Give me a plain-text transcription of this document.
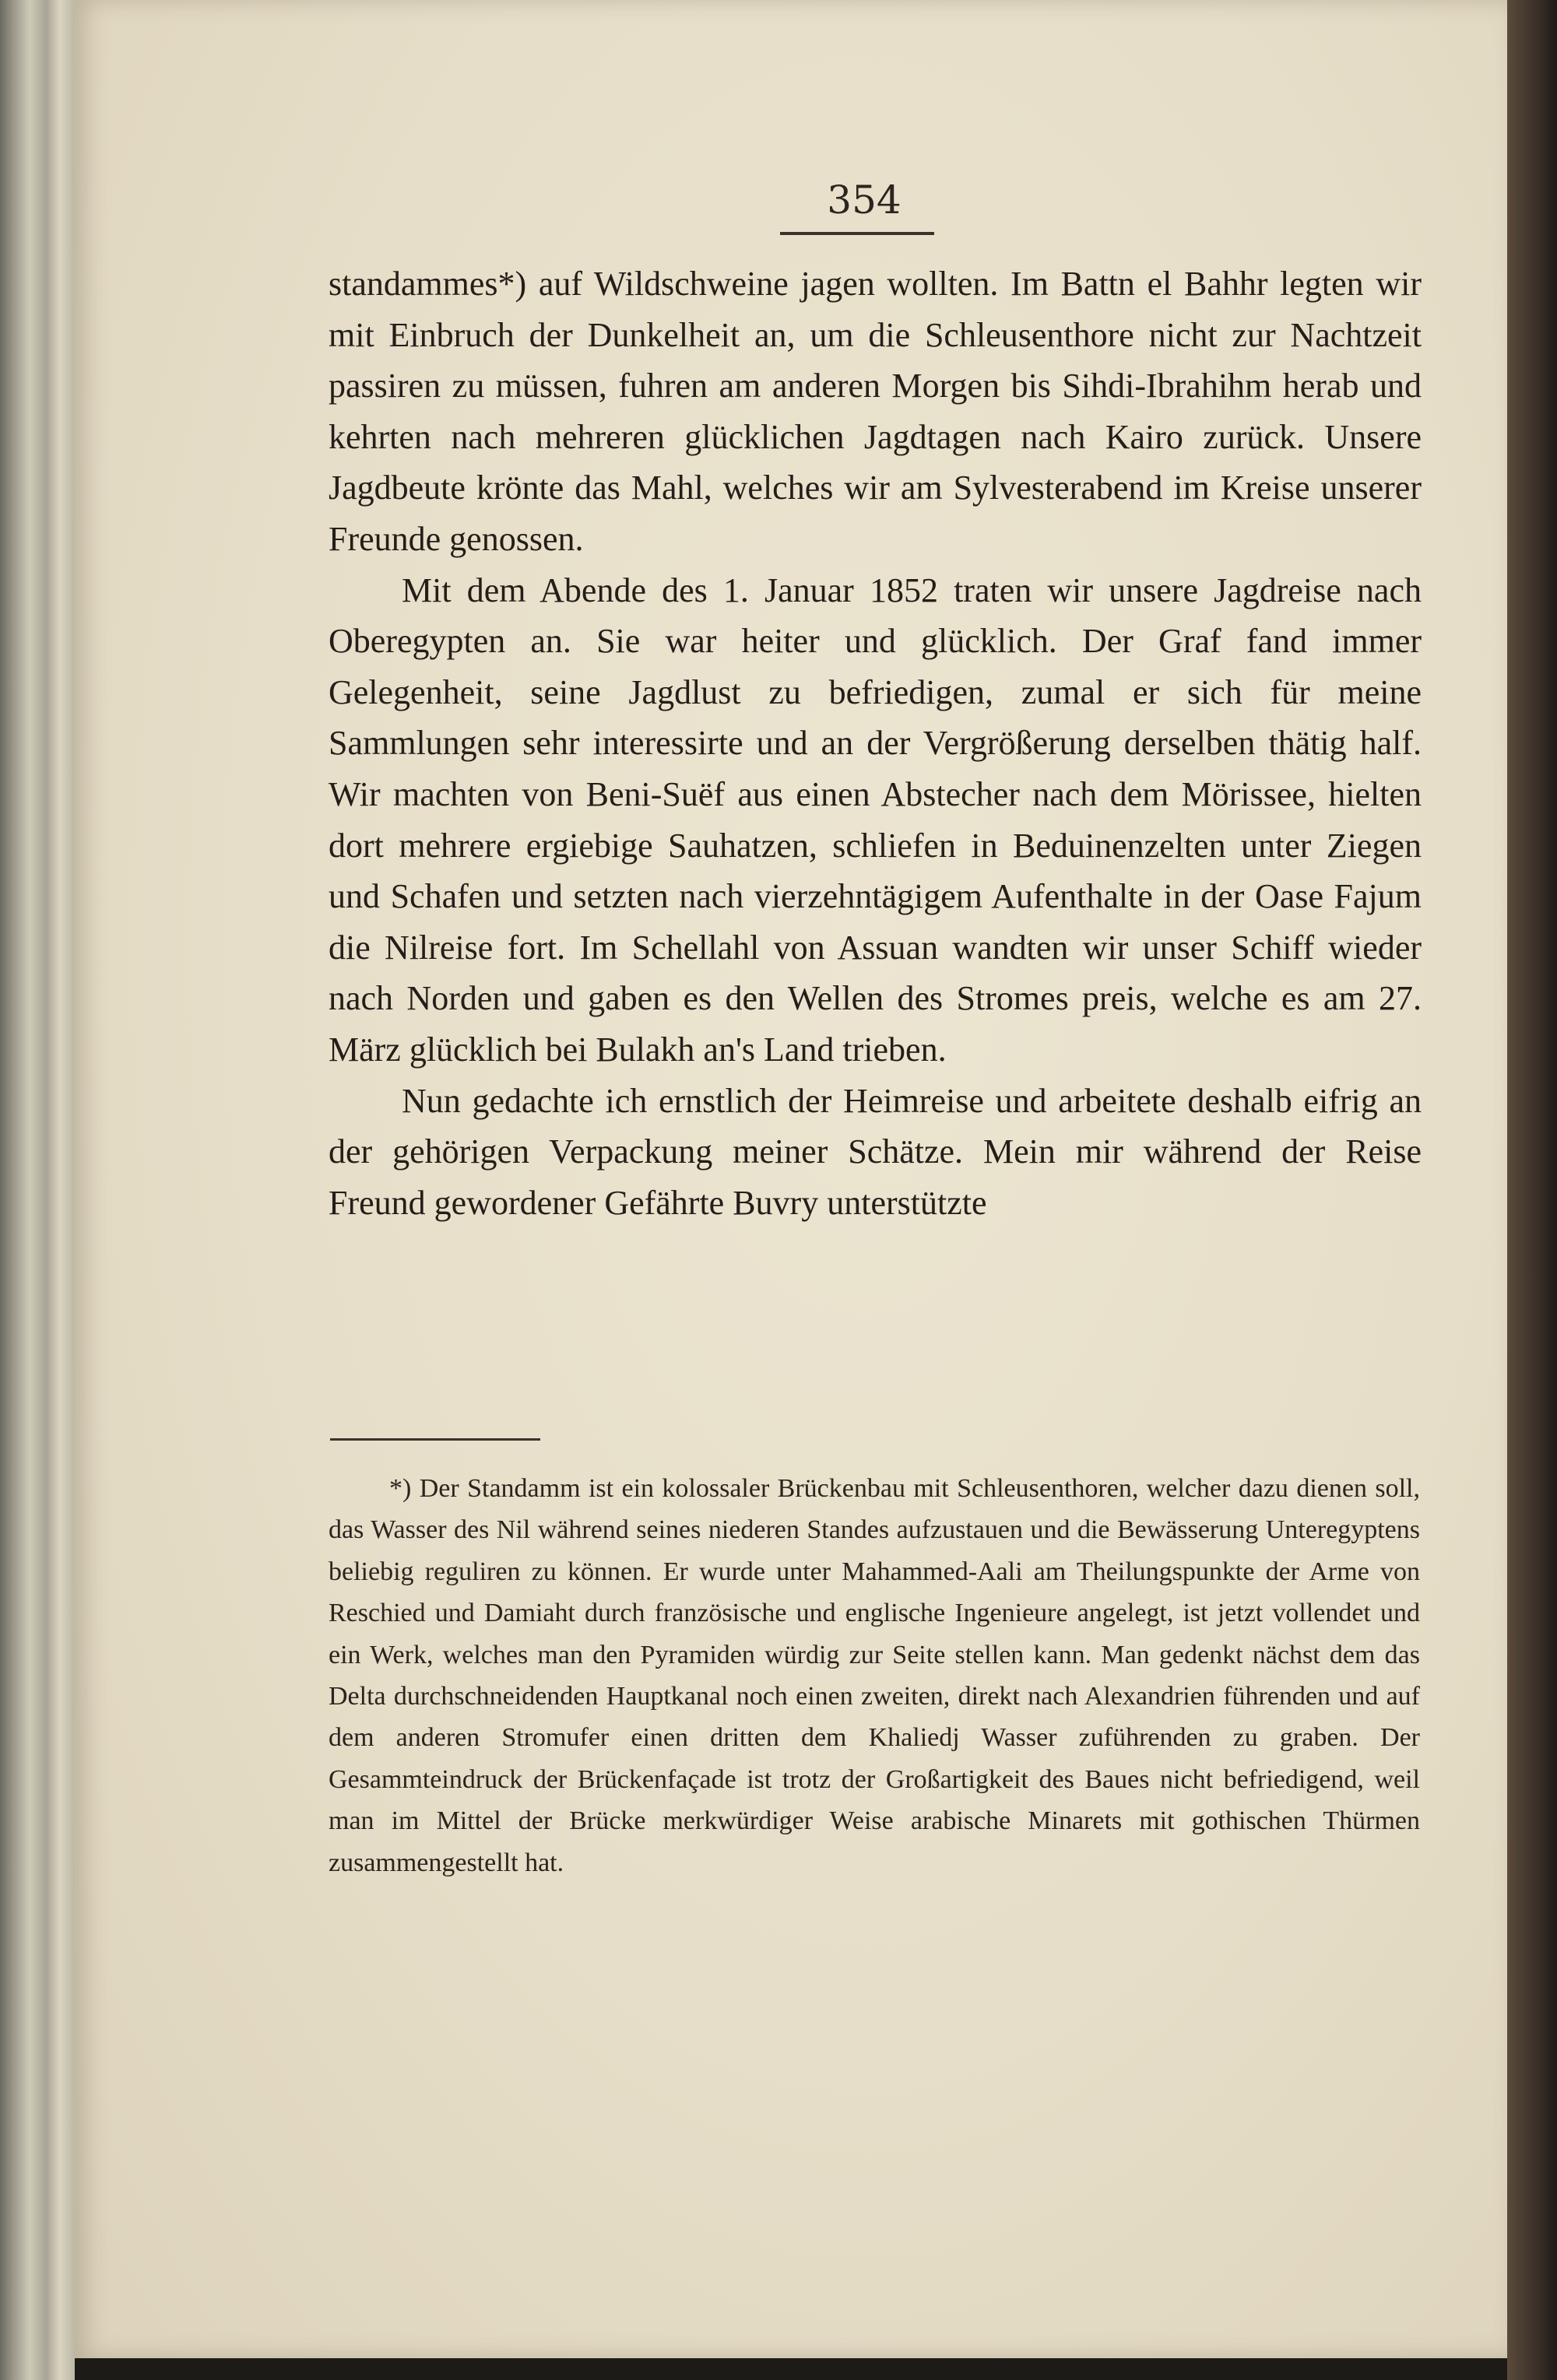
354

standammes*) auf Wildschweine jagen wollten. Im Battn el Bahhr legten wir mit Einbruch der Dunkelheit an, um die Schleusenthore nicht zur Nachtzeit passiren zu müssen, fuhren am anderen Morgen bis Sihdi-Ibrahihm herab und kehrten nach mehreren glücklichen Jagdtagen nach Kairo zurück. Unsere Jagdbeute krönte das Mahl, welches wir am Sylvesterabend im Kreise unserer Freunde genossen.

Mit dem Abende des 1. Januar 1852 traten wir unsere Jagdreise nach Oberegypten an. Sie war heiter und glücklich. Der Graf fand immer Gelegenheit, seine Jagdlust zu befriedigen, zumal er sich für meine Sammlungen sehr interessirte und an der Vergrößerung derselben thätig half. Wir machten von Beni-Suëf aus einen Abstecher nach dem Mörissee, hielten dort mehrere ergiebige Sauhatzen, schliefen in Beduinenzelten unter Ziegen und Schafen und setzten nach vierzehntägigem Aufenthalte in der Oase Fajum die Nilreise fort. Im Schellahl von Assuan wandten wir unser Schiff wieder nach Norden und gaben es den Wellen des Stromes preis, welche es am 27. März glücklich bei Bulakh an's Land trieben.

Nun gedachte ich ernstlich der Heimreise und arbeitete deshalb eifrig an der gehörigen Verpackung meiner Schätze. Mein mir während der Reise Freund gewordener Gefährte Buvry unterstützte

*) Der Standamm ist ein kolossaler Brückenbau mit Schleusenthoren, welcher dazu dienen soll, das Wasser des Nil während seines niederen Standes aufzustauen und die Bewässerung Unteregyptens beliebig reguliren zu können. Er wurde unter Mahammed-Aali am Theilungspunkte der Arme von Reschied und Damiaht durch französische und englische Ingenieure angelegt, ist jetzt vollendet und ein Werk, welches man den Pyramiden würdig zur Seite stellen kann. Man gedenkt nächst dem das Delta durchschneidenden Hauptkanal noch einen zweiten, direkt nach Alexandrien führenden und auf dem anderen Stromufer einen dritten dem Khaliedj Wasser zuführenden zu graben. Der Gesammteindruck der Brückenfaçade ist trotz der Großartigkeit des Baues nicht befriedigend, weil man im Mittel der Brücke merkwürdiger Weise arabische Minarets mit gothischen Thürmen zusammengestellt hat.
